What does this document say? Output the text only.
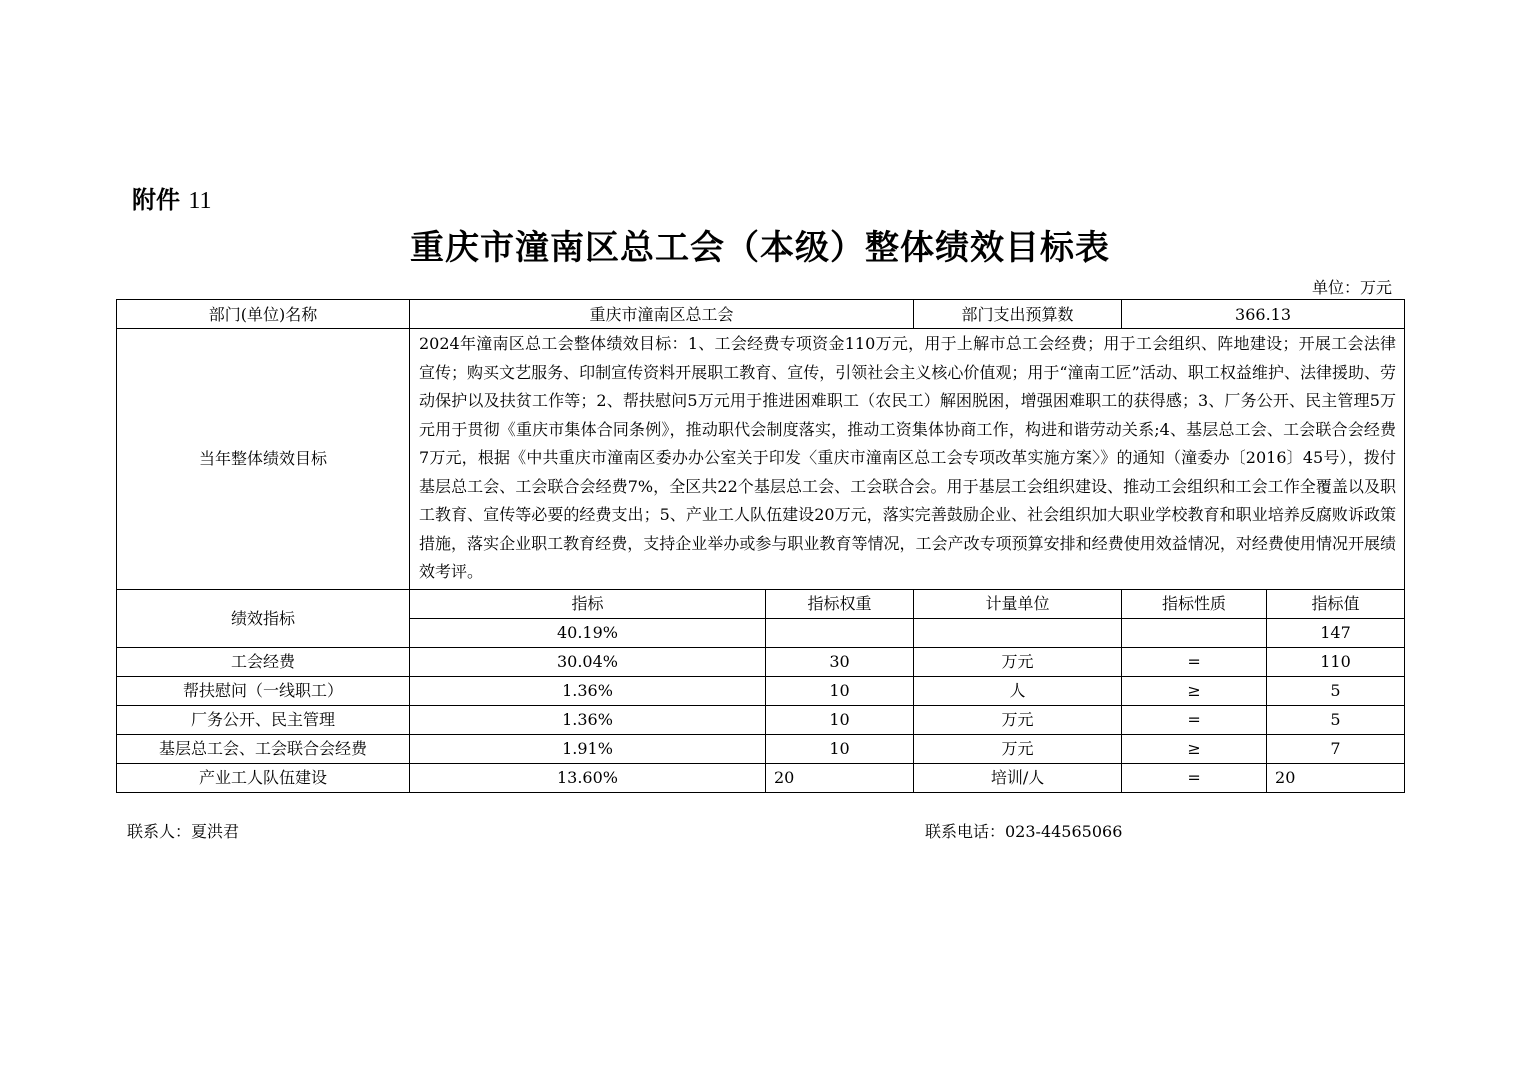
附件 11
重庆市潼南区总工会（本级）整体绩效目标表
单位：万元
部门(单位)名称	重庆市潼南区总工会		部门支出预算数	366.13	
当年整体绩效目标	2024年潼南区总工会整体绩效目标：1、工会经费专项资金110万元，用于上解市总工会经费；用于工会组织、阵地建设；开展工会法律宣传；购买文艺服务、印制宣传资料开展职工教育、宣传，引领社会主义核心价值观；用于“潼南工匠”活动、职工权益维护、法律援助、劳动保护以及扶贫工作等；2、帮扶慰问5万元用于推进困难职工（农民工）解困脱困，增强困难职工的获得感；3、厂务公开、民主管理5万元用于贯彻《重庆市集体合同条例》，推动职代会制度落实，推动工资集体协商工作，构进和谐劳动关系;4、基层总工会、工会联合会经费7万元，根据《中共重庆市潼南区委办办公室关于印发〈重庆市潼南区总工会专项改革实施方案〉》的通知（潼委办〔2016〕45号），拨付基层总工会、工会联合会经费7%，全区共22个基层总工会、工会联合会。用于基层工会组织建设、推动工会组织和工会工作全覆盖以及职工教育、宣传等必要的经费支出；5、产业工人队伍建设20万元，落实完善鼓励企业、社会组织加大职业学校教育和职业培养反腐败诉政策措施，落实企业职工教育经费，支持企业举办或参与职业教育等情况，工会产改专项预算安排和经费使用效益情况，对经费使用情况开展绩效考评。				
绩效指标	指标	指标权重	计量单位	指标性质	指标值
	40.19%				147
工会经费	30.04%	30	万元	=	110
帮扶慰问（一线职工）	1.36%	10	人	≥	5
厂务公开、民主管理	1.36%	10	万元	=	5
基层总工会、工会联合会经费	1.91%	10	万元	≥	7
产业工人队伍建设	13.60%	20	培训/人	=	20
联系人：夏洪君	联系电话：023-44565066
